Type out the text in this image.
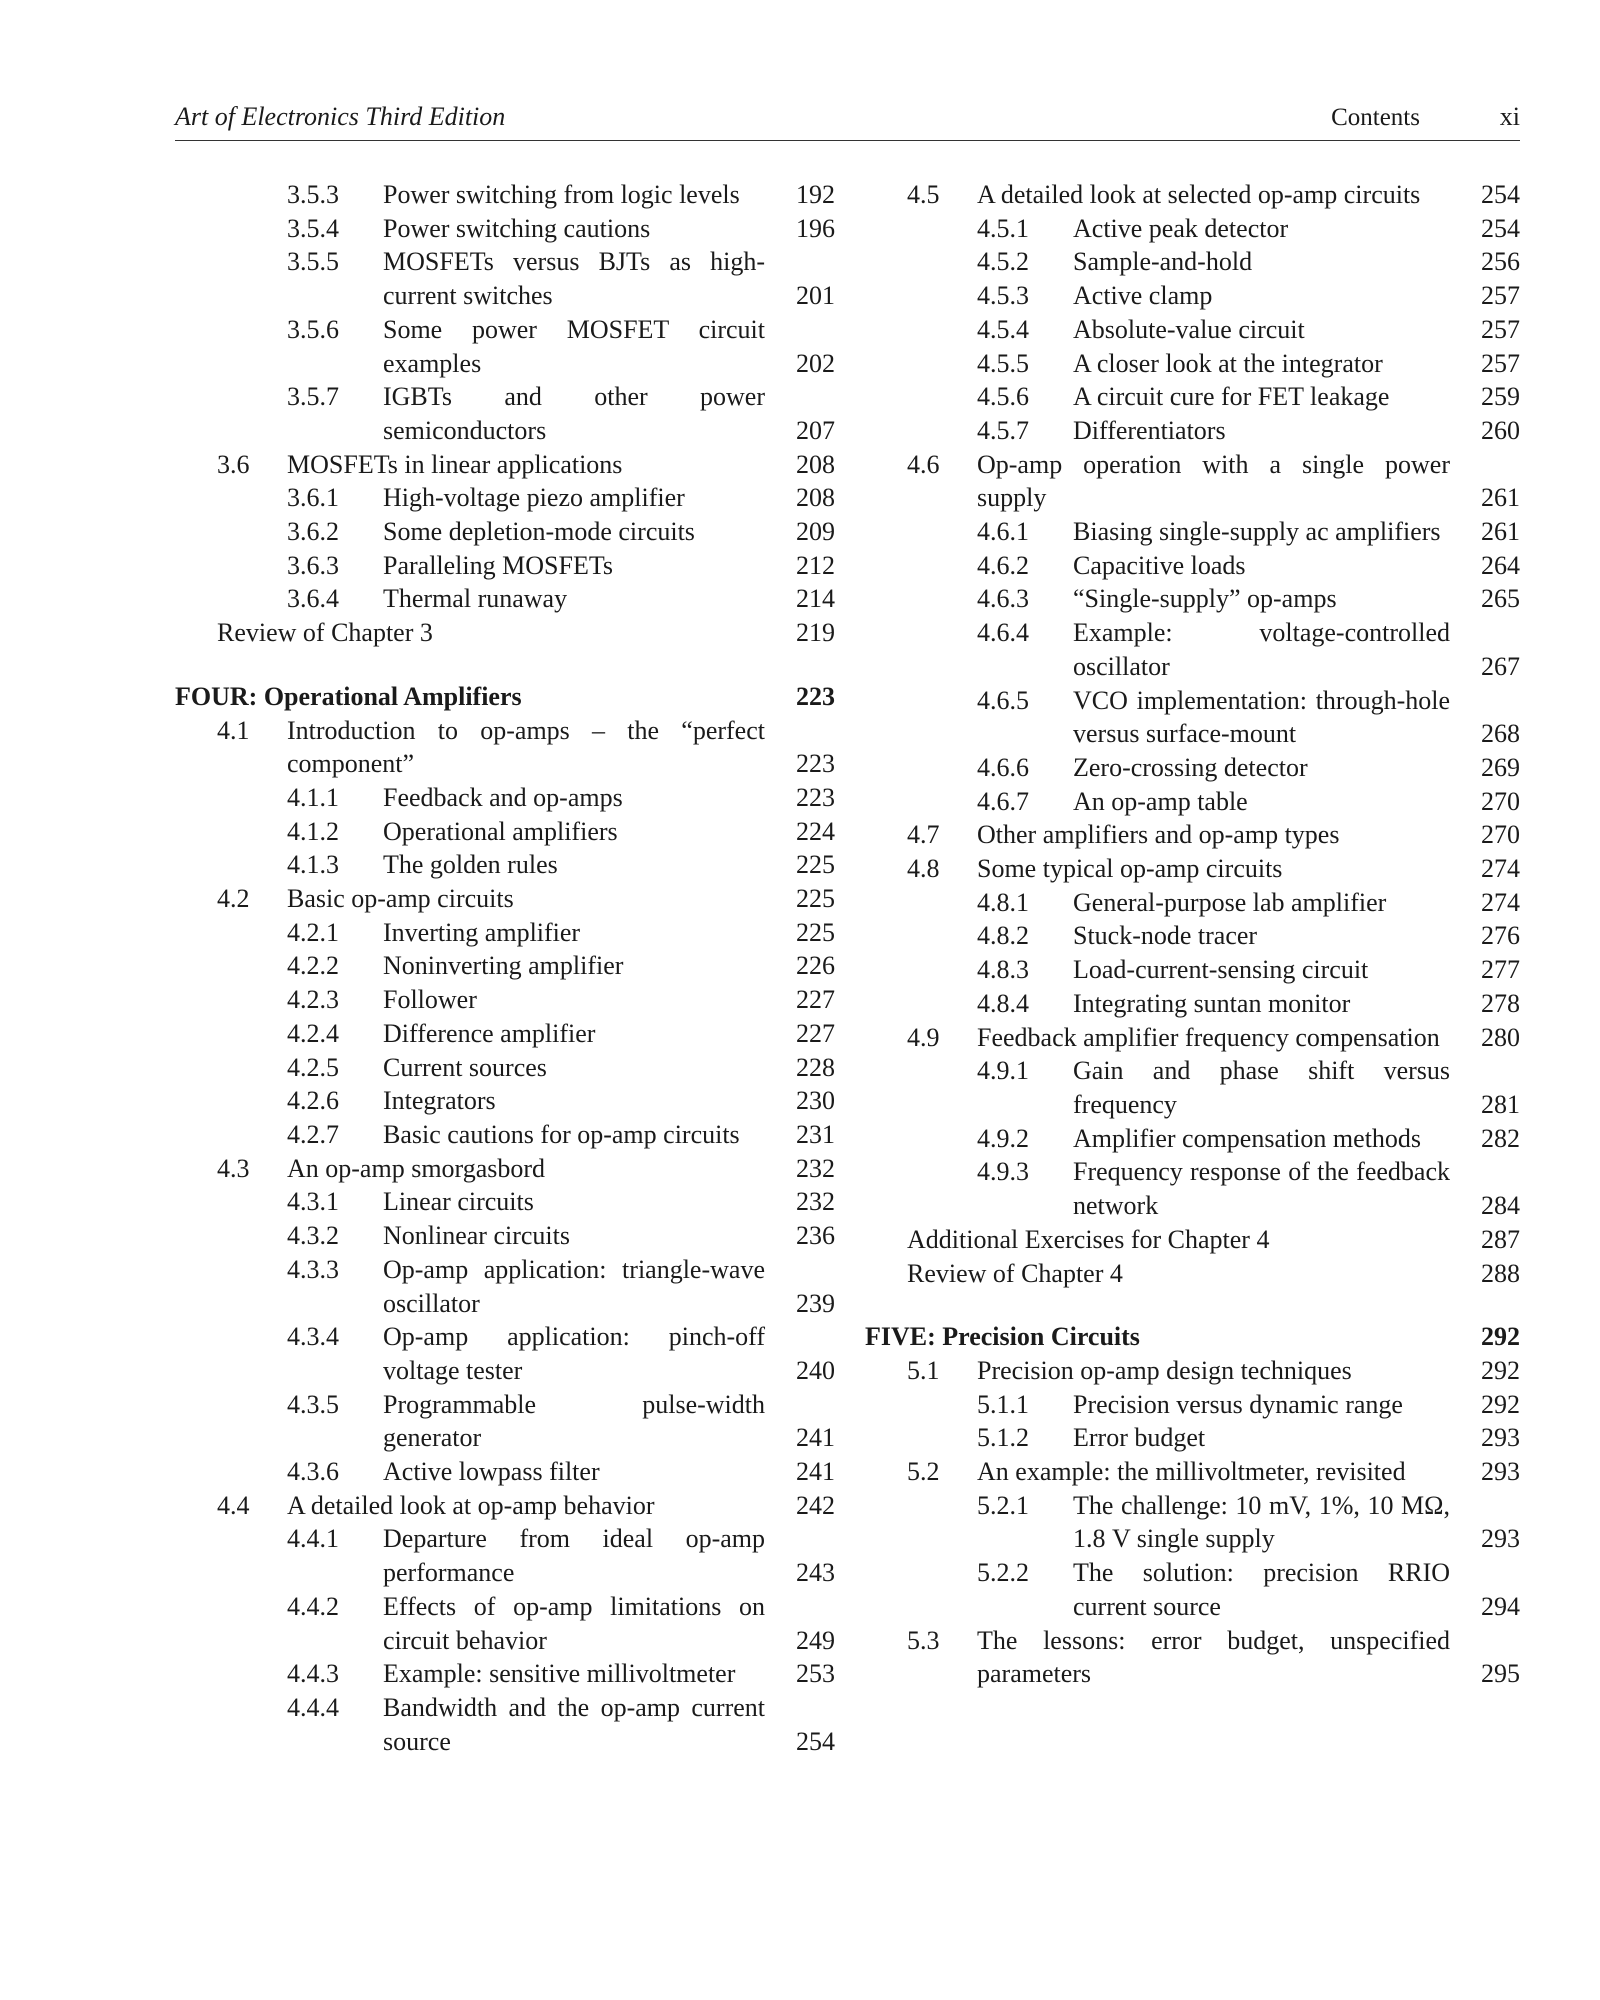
Art of Electronics Third Edition	Contents	xi
3.5.3	Power switching from logic levels	192
3.5.4	Power switching cautions	196
3.5.5	MOSFETs versus BJTs as high-current switches	201
3.5.6	Some power MOSFET circuit examples	202
3.5.7	IGBTs and other power semiconductors	207
3.6	MOSFETs in linear applications	208
3.6.1	High-voltage piezo amplifier	208
3.6.2	Some depletion-mode circuits	209
3.6.3	Paralleling MOSFETs	212
3.6.4	Thermal runaway	214
Review of Chapter 3	219
FOUR: Operational Amplifiers	223
4.1	Introduction to op-amps – the “perfect component”	223
4.1.1	Feedback and op-amps	223
4.1.2	Operational amplifiers	224
4.1.3	The golden rules	225
4.2	Basic op-amp circuits	225
4.2.1	Inverting amplifier	225
4.2.2	Noninverting amplifier	226
4.2.3	Follower	227
4.2.4	Difference amplifier	227
4.2.5	Current sources	228
4.2.6	Integrators	230
4.2.7	Basic cautions for op-amp circuits	231
4.3	An op-amp smorgasbord	232
4.3.1	Linear circuits	232
4.3.2	Nonlinear circuits	236
4.3.3	Op-amp application: triangle-wave oscillator	239
4.3.4	Op-amp application: pinch-off voltage tester	240
4.3.5	Programmable pulse-width generator	241
4.3.6	Active lowpass filter	241
4.4	A detailed look at op-amp behavior	242
4.4.1	Departure from ideal op-amp performance	243
4.4.2	Effects of op-amp limitations on circuit behavior	249
4.4.3	Example: sensitive millivoltmeter	253
4.4.4	Bandwidth and the op-amp current source	254
4.5	A detailed look at selected op-amp circuits	254
4.5.1	Active peak detector	254
4.5.2	Sample-and-hold	256
4.5.3	Active clamp	257
4.5.4	Absolute-value circuit	257
4.5.5	A closer look at the integrator	257
4.5.6	A circuit cure for FET leakage	259
4.5.7	Differentiators	260
4.6	Op-amp operation with a single power supply	261
4.6.1	Biasing single-supply ac amplifiers	261
4.6.2	Capacitive loads	264
4.6.3	“Single-supply” op-amps	265
4.6.4	Example: voltage-controlled oscillator	267
4.6.5	VCO implementation: through-hole versus surface-mount	268
4.6.6	Zero-crossing detector	269
4.6.7	An op-amp table	270
4.7	Other amplifiers and op-amp types	270
4.8	Some typical op-amp circuits	274
4.8.1	General-purpose lab amplifier	274
4.8.2	Stuck-node tracer	276
4.8.3	Load-current-sensing circuit	277
4.8.4	Integrating suntan monitor	278
4.9	Feedback amplifier frequency compensation	280
4.9.1	Gain and phase shift versus frequency	281
4.9.2	Amplifier compensation methods	282
4.9.3	Frequency response of the feedback network	284
Additional Exercises for Chapter 4	287
Review of Chapter 4	288
FIVE: Precision Circuits	292
5.1	Precision op-amp design techniques	292
5.1.1	Precision versus dynamic range	292
5.1.2	Error budget	293
5.2	An example: the millivoltmeter, revisited	293
5.2.1	The challenge: 10 mV, 1%, 10 MΩ, 1.8 V single supply	293
5.2.2	The solution: precision RRIO current source	294
5.3	The lessons: error budget, unspecified parameters	295
